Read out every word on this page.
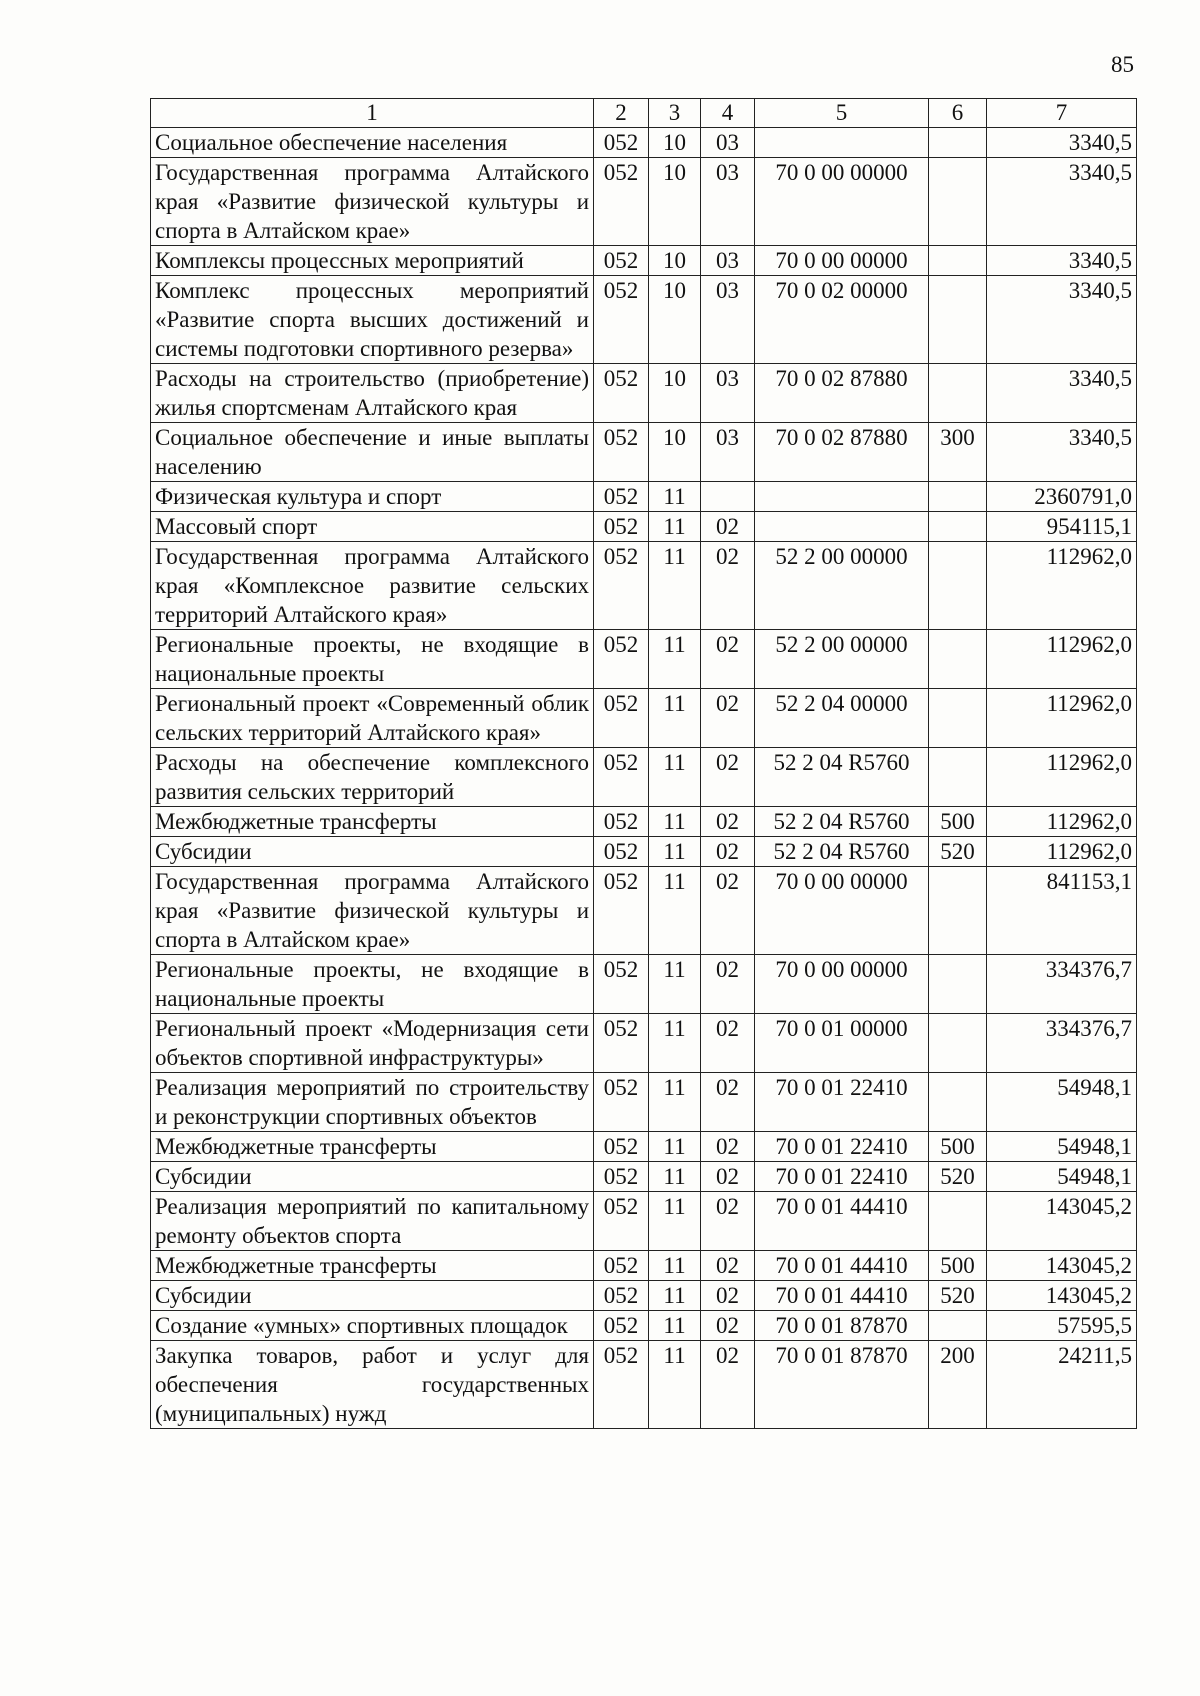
85
1	2	3	4	5	6	7
Социальное обеспечение населения	052	10	03			3340,5
Государственная программа Алтайского края «Развитие физической культуры и спорта в Алтайском крае»	052	10	03	70 0 00 00000		3340,5
Комплексы процессных мероприятий	052	10	03	70 0 00 00000		3340,5
Комплекс процессных мероприятий «Развитие спорта высших достижений и системы подготовки спортивного резерва»	052	10	03	70 0 02 00000		3340,5
Расходы на строительство (приобретение) жилья спортсменам Алтайского края	052	10	03	70 0 02 87880		3340,5
Социальное обеспечение и иные выплаты населению	052	10	03	70 0 02 87880	300	3340,5
Физическая культура и спорт	052	11				2360791,0
Массовый спорт	052	11	02			954115,1
Государственная программа Алтайского края «Комплексное развитие сельских территорий Алтайского края»	052	11	02	52 2 00 00000		112962,0
Региональные проекты, не входящие в национальные проекты	052	11	02	52 2 00 00000		112962,0
Региональный проект «Современный облик сельских территорий Алтайского края»	052	11	02	52 2 04 00000		112962,0
Расходы на обеспечение комплексного развития сельских территорий	052	11	02	52 2 04 R5760		112962,0
Межбюджетные трансферты	052	11	02	52 2 04 R5760	500	112962,0
Субсидии	052	11	02	52 2 04 R5760	520	112962,0
Государственная программа Алтайского края «Развитие физической культуры и спорта в Алтайском крае»	052	11	02	70 0 00 00000		841153,1
Региональные проекты, не входящие в национальные проекты	052	11	02	70 0 00 00000		334376,7
Региональный проект «Модернизация сети объектов спортивной инфраструктуры»	052	11	02	70 0 01 00000		334376,7
Реализация мероприятий по строительству и реконструкции спортивных объектов	052	11	02	70 0 01 22410		54948,1
Межбюджетные трансферты	052	11	02	70 0 01 22410	500	54948,1
Субсидии	052	11	02	70 0 01 22410	520	54948,1
Реализация мероприятий по капитальному ремонту объектов спорта	052	11	02	70 0 01 44410		143045,2
Межбюджетные трансферты	052	11	02	70 0 01 44410	500	143045,2
Субсидии	052	11	02	70 0 01 44410	520	143045,2
Создание «умных» спортивных площадок	052	11	02	70 0 01 87870		57595,5
Закупка товаров, работ и услуг для обеспечения государственных (муниципальных) нужд	052	11	02	70 0 01 87870	200	24211,5
